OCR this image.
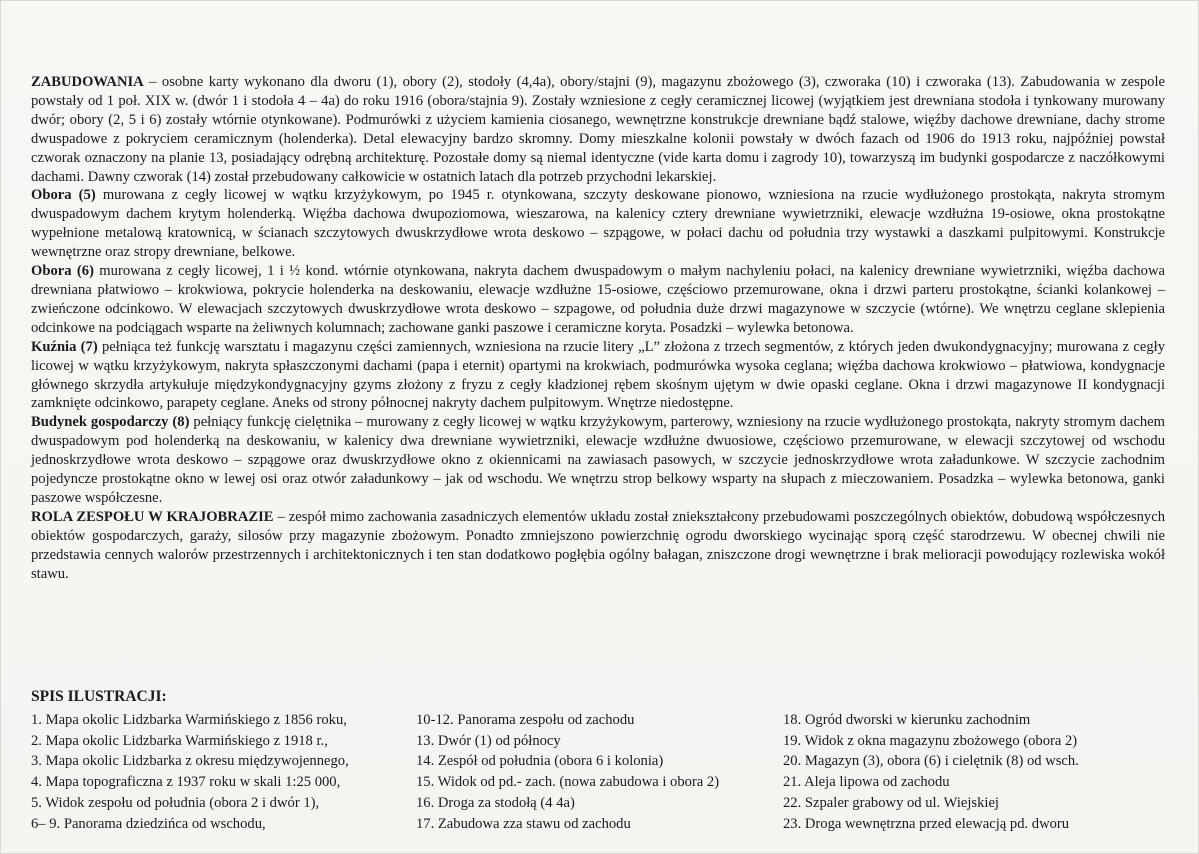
ZABUDOWANIA – osobne karty wykonano dla dworu (1), obory (2), stodoły (4,4a), obory/stajni (9), magazynu zbożowego (3), czworaka (10) i czworaka (13). Zabudowania w zespole powstały od 1 poł. XIX w. (dwór 1 i stodoła 4 – 4a) do roku 1916 (obora/stajnia 9). Zostały wzniesione z cegły ceramicznej licowej (wyjątkiem jest drewniana stodoła i tynkowany murowany dwór; obory (2, 5 i 6) zostały wtórnie otynkowane). Podmurówki z użyciem kamienia ciosanego, wewnętrzne konstrukcje drewniane bądź stalowe, więźby dachowe drewniane, dachy strome dwuspadowe z pokryciem ceramicznym (holenderka). Detal elewacyjny bardzo skromny. Domy mieszkalne kolonii powstały w dwóch fazach od 1906 do 1913 roku, najpóźniej powstał czworak oznaczony na planie 13, posiadający odrębną architekturę. Pozostałe domy są niemal identyczne (vide karta domu i zagrody 10), towarzyszą im budynki gospodarcze z naczółkowymi dachami. Dawny czworak (14) został przebudowany całkowicie w ostatnich latach dla potrzeb przychodni lekarskiej.

Obora (5) murowana z cegły licowej w wątku krzyżykowym, po 1945 r. otynkowana, szczyty deskowane pionowo, wzniesiona na rzucie wydłużonego prostokąta, nakryta stromym dwuspadowym dachem krytym holenderką. Więźba dachowa dwupoziomowa, wieszarowa, na kalenicy cztery drewniane wywietrzniki, elewacje wzdłużna 19-osiowe, okna prostokątne wypełnione metalową kratownicą, w ścianach szczytowych dwuskrzydłowe wrota deskowo – szpągowe, w połaci dachu od południa trzy wystawki a daszkami pulpitowymi. Konstrukcje wewnętrzne oraz stropy drewniane, belkowe.

Obora (6) murowana z cegły licowej, 1 i ½ kond. wtórnie otynkowana, nakryta dachem dwuspadowym o małym nachyleniu połaci, na kalenicy drewniane wywietrzniki, więźba dachowa drewniana płatwiowo – krokwiowa, pokrycie holenderka na deskowaniu, elewacje wzdłużne 15-osiowe, częściowo przemurowane, okna i drzwi parteru prostokątne, ścianki kolankowej – zwieńczone odcinkowo. W elewacjach szczytowych dwuskrzydłowe wrota deskowo – szpagowe, od południa duże drzwi magazynowe w szczycie (wtórne). We wnętrzu ceglane sklepienia odcinkowe na podciągach wsparte na żeliwnych kolumnach; zachowane ganki paszowe i ceramiczne koryta. Posadzki – wylewka betonowa.

Kuźnia (7) pełniąca też funkcję warsztatu i magazynu części zamiennych, wzniesiona na rzucie litery „L” złożona z trzech segmentów, z których jeden dwukondygnacyjny; murowana z cegły licowej w wątku krzyżykowym, nakryta spłaszczonymi dachami (papa i eternit) opartymi na krokwiach, podmurówka wysoka ceglana; więźba dachowa krokwiowo – płatwiowa, kondygnacje głównego skrzydła artykułuje międzykondygnacyjny gzyms złożony z fryzu z cegły kładzionej rębem skośnym ujętym w dwie opaski ceglane. Okna i drzwi magazynowe II kondygnacji zamknięte odcinkowo, parapety ceglane. Aneks od strony północnej nakryty dachem pulpitowym. Wnętrze niedostępne.

Budynek gospodarczy (8) pełniący funkcję cielętnika – murowany z cegły licowej w wątku krzyżykowym, parterowy, wzniesiony na rzucie wydłużonego prostokąta, nakryty stromym dachem dwuspadowym pod holenderką na deskowaniu, w kalenicy dwa drewniane wywietrzniki, elewacje wzdłużne dwuosiowe, częściowo przemurowane, w elewacji szczytowej od wschodu jednoskrzydłowe wrota deskowo – szpągowe oraz dwuskrzydłowe okno z okiennicami na zawiasach pasowych, w szczycie jednoskrzydłowe wrota załadunkowe. W szczycie zachodnim pojedyncze prostokątne okno w lewej osi oraz otwór załadunkowy – jak od wschodu. We wnętrzu strop belkowy wsparty na słupach z mieczowaniem. Posadzka – wylewka betonowa, ganki paszowe współczesne.

ROLA ZESPOŁU W KRAJOBRAZIE – zespół mimo zachowania zasadniczych elementów układu został zniekształcony przebudowami poszczególnych obiektów, dobudową współczesnych obiektów gospodarczych, garaży, silosów przy magazynie zbożowym. Ponadto zmniejszono powierzchnię ogrodu dworskiego wycinając sporą część starodrzewu. W obecnej chwili nie przedstawia cennych walorów przestrzennych i architektonicznych i ten stan dodatkowo pogłębia ogólny bałagan, zniszczone drogi wewnętrzne i brak melioracji powodujący rozlewiska wokół stawu.

SPIS ILUSTRACJI:
1. Mapa okolic Lidzbarka Warmińskiego z 1856 roku,
2. Mapa okolic Lidzbarka Warmińskiego z 1918 r.,
3. Mapa okolic Lidzbarka z okresu międzywojennego,
4. Mapa topograficzna z 1937 roku w skali 1:25 000,
5. Widok zespołu od południa (obora 2 i dwór 1),
6– 9. Panorama dziedzińca od wschodu,
10-12. Panorama zespołu od zachodu
13. Dwór (1) od północy
14. Zespół od południa (obora 6 i kolonia)
15. Widok od pd.- zach. (nowa zabudowa i obora 2)
16. Droga za stodołą (4 4a)
17. Zabudowa zza stawu od zachodu
18. Ogród dworski w kierunku zachodnim
19. Widok z okna magazynu zbożowego (obora 2)
20. Magazyn (3), obora (6) i cielętnik (8) od wsch.
21. Aleja lipowa od zachodu
22. Szpaler grabowy od ul. Wiejskiej
23. Droga wewnętrzna przed elewacją pd. dworu
